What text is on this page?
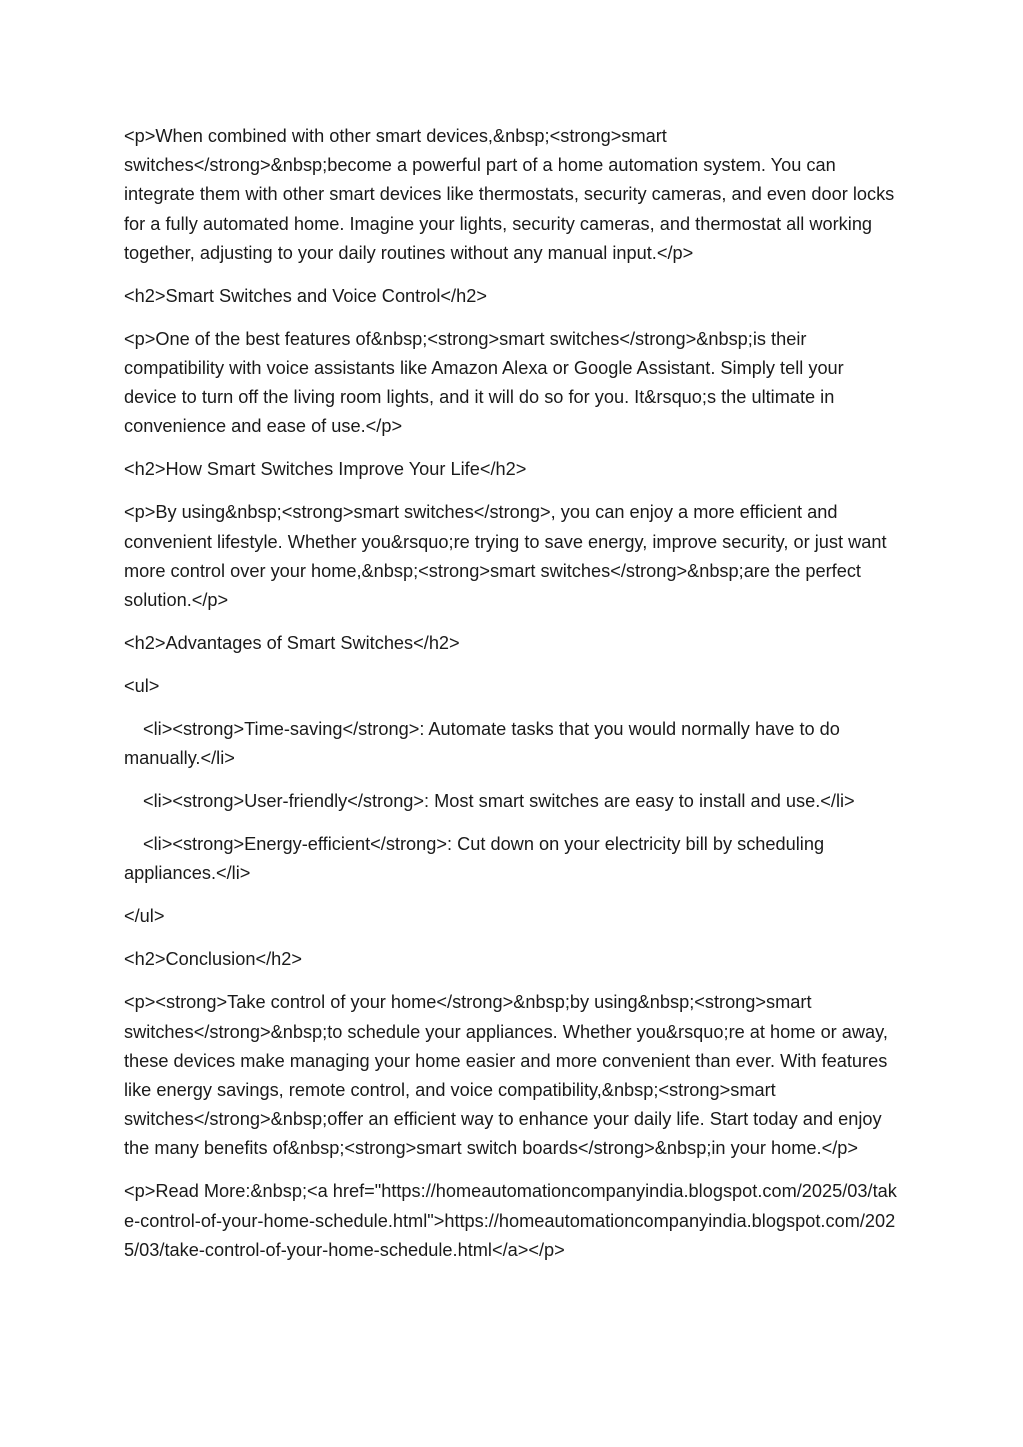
<p>When combined with other smart devices,&nbsp;<strong>smart switches</strong>&nbsp;become a powerful part of a home automation system. You can integrate them with other smart devices like thermostats, security cameras, and even door locks for a fully automated home. Imagine your lights, security cameras, and thermostat all working together, adjusting to your daily routines without any manual input.</p>

<h2>Smart Switches and Voice Control</h2>

<p>One of the best features of&nbsp;<strong>smart switches</strong>&nbsp;is their compatibility with voice assistants like Amazon Alexa or Google Assistant. Simply tell your device to turn off the living room lights, and it will do so for you. It&rsquo;s the ultimate in convenience and ease of use.</p>

<h2>How Smart Switches Improve Your Life</h2>

<p>By using&nbsp;<strong>smart switches</strong>, you can enjoy a more efficient and convenient lifestyle. Whether you&rsquo;re trying to save energy, improve security, or just want more control over your home,&nbsp;<strong>smart switches</strong>&nbsp;are the perfect solution.</p>

<h2>Advantages of Smart Switches</h2>

<ul>

<li><strong>Time-saving</strong>: Automate tasks that you would normally have to do manually.</li>

<li><strong>User-friendly</strong>: Most smart switches are easy to install and use.</li>

<li><strong>Energy-efficient</strong>: Cut down on your electricity bill by scheduling appliances.</li>

</ul>

<h2>Conclusion</h2>

<p><strong>Take control of your home</strong>&nbsp;by using&nbsp;<strong>smart switches</strong>&nbsp;to schedule your appliances. Whether you&rsquo;re at home or away, these devices make managing your home easier and more convenient than ever. With features like energy savings, remote control, and voice compatibility,&nbsp;<strong>smart switches</strong>&nbsp;offer an efficient way to enhance your daily life. Start today and enjoy the many benefits of&nbsp;<strong>smart switch boards</strong>&nbsp;in your home.</p>

<p>Read More:&nbsp;<a href="https://homeautomationcompanyindia.blogspot.com/2025/03/take-control-of-your-home-schedule.html">https://homeautomationcompanyindia.blogspot.com/2025/03/take-control-of-your-home-schedule.html</a></p>
